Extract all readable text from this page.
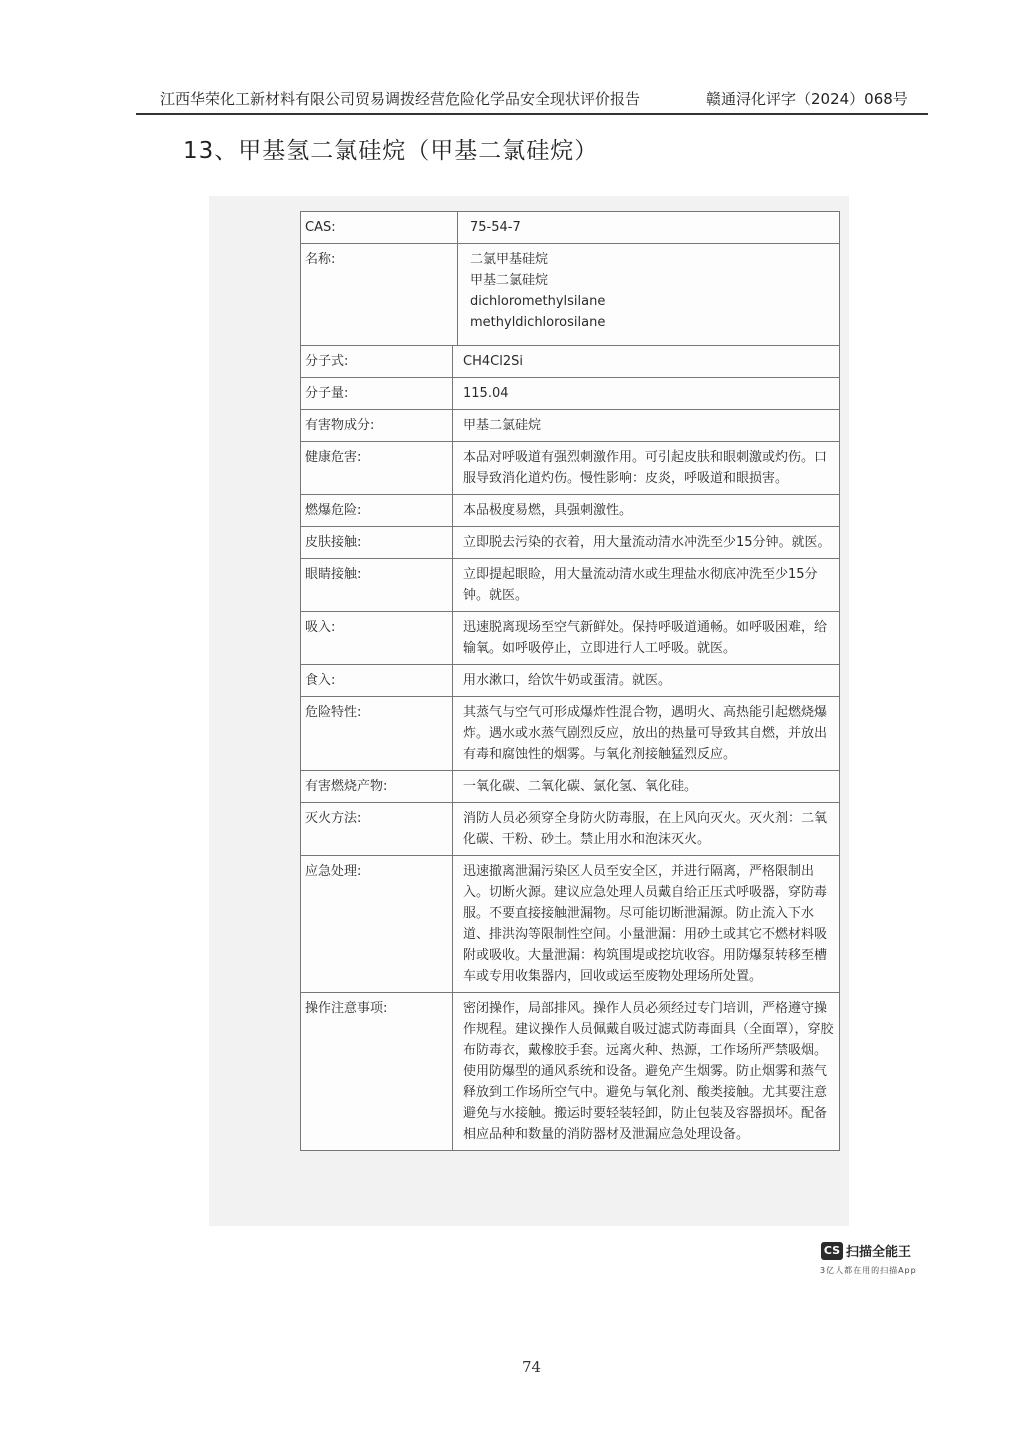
江西华荣化工新材料有限公司贸易调拨经营危险化学品安全现状评价报告	赣通浔化评字（2024）068号
13、甲基氢二氯硅烷（甲基二氯硅烷）
CAS:	75-54-7
名称:	二氯甲基硅烷
甲基二氯硅烷
dichloromethylsilane
methyldichlorosilane
分子式:	CH4Cl2Si
分子量:	115.04
有害物成分:	甲基二氯硅烷
健康危害:	本品对呼吸道有强烈刺激作用。可引起皮肤和眼刺激或灼伤。口服导致消化道灼伤。慢性影响：皮炎，呼吸道和眼损害。
燃爆危险:	本品极度易燃，具强刺激性。
皮肤接触:	立即脱去污染的衣着，用大量流动清水冲洗至少15分钟。就医。
眼睛接触:	立即提起眼睑，用大量流动清水或生理盐水彻底冲洗至少15分钟。就医。
吸入:	迅速脱离现场至空气新鲜处。保持呼吸道通畅。如呼吸困难，给输氧。如呼吸停止，立即进行人工呼吸。就医。
食入:	用水漱口，给饮牛奶或蛋清。就医。
危险特性:	其蒸气与空气可形成爆炸性混合物，遇明火、高热能引起燃烧爆炸。遇水或水蒸气剧烈反应，放出的热量可导致其自燃，并放出有毒和腐蚀性的烟雾。与氧化剂接触猛烈反应。
有害燃烧产物:	一氧化碳、二氧化碳、氯化氢、氧化硅。
灭火方法:	消防人员必须穿全身防火防毒服，在上风向灭火。灭火剂：二氧化碳、干粉、砂土。禁止用水和泡沫灭火。
应急处理:	迅速撤离泄漏污染区人员至安全区，并进行隔离，严格限制出入。切断火源。建议应急处理人员戴自给正压式呼吸器，穿防毒服。不要直接接触泄漏物。尽可能切断泄漏源。防止流入下水道、排洪沟等限制性空间。小量泄漏：用砂土或其它不燃材料吸附或吸收。大量泄漏：构筑围堤或挖坑收容。用防爆泵转移至槽车或专用收集器内，回收或运至废物处理场所处置。
操作注意事项:	密闭操作，局部排风。操作人员必须经过专门培训，严格遵守操作规程。建议操作人员佩戴自吸过滤式防毒面具（全面罩），穿胶布防毒衣，戴橡胶手套。远离火种、热源，工作场所严禁吸烟。使用防爆型的通风系统和设备。避免产生烟雾。防止烟雾和蒸气释放到工作场所空气中。避免与氧化剂、酸类接触。尤其要注意避免与水接触。搬运时要轻装轻卸，防止包装及容器损坏。配备相应品种和数量的消防器材及泄漏应急处理设备。
CS 扫描全能王
3亿人都在用的扫描App
74
